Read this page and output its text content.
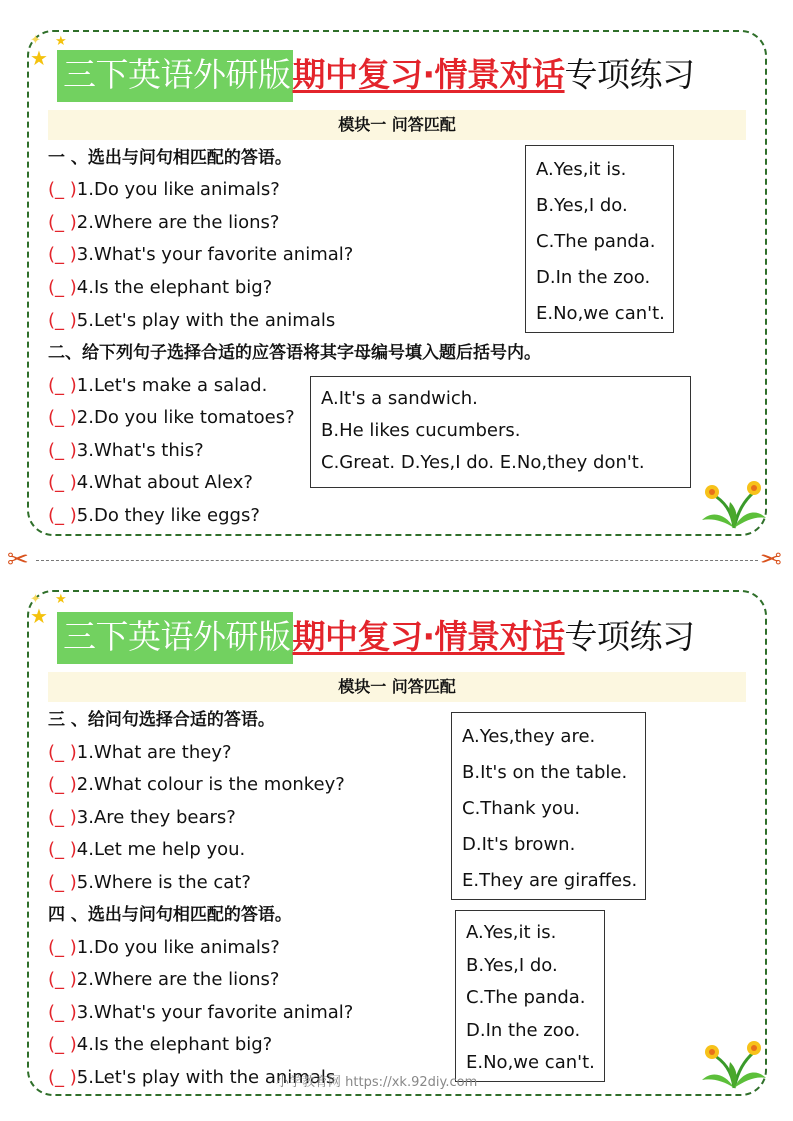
★
★
✦
三下英语外研版期中复习·情景对话专项练习
模块一 问答匹配
一 、选出与问句相匹配的答语。
(_ )1.Do you like animals?
(_ )2.Where are the lions?
(_ )3.What's your favorite animal?
(_ )4.Is the elephant big?
(_ )5.Let's play with the animals
A.Yes,it is.
B.Yes,I do.
C.The panda.
D.In the zoo.
E.No,we can't.
二、给下列句子选择合适的应答语将其字母编号填入题后括号内。
(_ )1.Let's make a salad.
(_ )2.Do you like tomatoes?
(_ )3.What's this?
(_ )4.What about Alex?
(_ )5.Do they like eggs?
A.It's a sandwich.
B.He likes cucumbers.
C.Great. D.Yes,I do. E.No,they don't.
✂	✂
★
★
✦
三下英语外研版期中复习·情景对话专项练习
模块一 问答匹配
三 、给问句选择合适的答语。
(_ )1.What are they?
(_ )2.What colour is the monkey?
(_ )3.Are they bears?
(_ )4.Let me help you.
(_ )5.Where is the cat?
A.Yes,they are.
B.It's on the table.
C.Thank you.
D.It's brown.
E.They are giraffes.
四 、选出与问句相匹配的答语。
(_ )1.Do you like animals?
(_ )2.Where are the lions?
(_ )3.What's your favorite animal?
(_ )4.Is the elephant big?
(_ )5.Let's play with the animals
A.Yes,it is.
B.Yes,I do.
C.The panda.
D.In the zoo.
E.No,we can't.
小学教育网 https://xk.92diy.com
